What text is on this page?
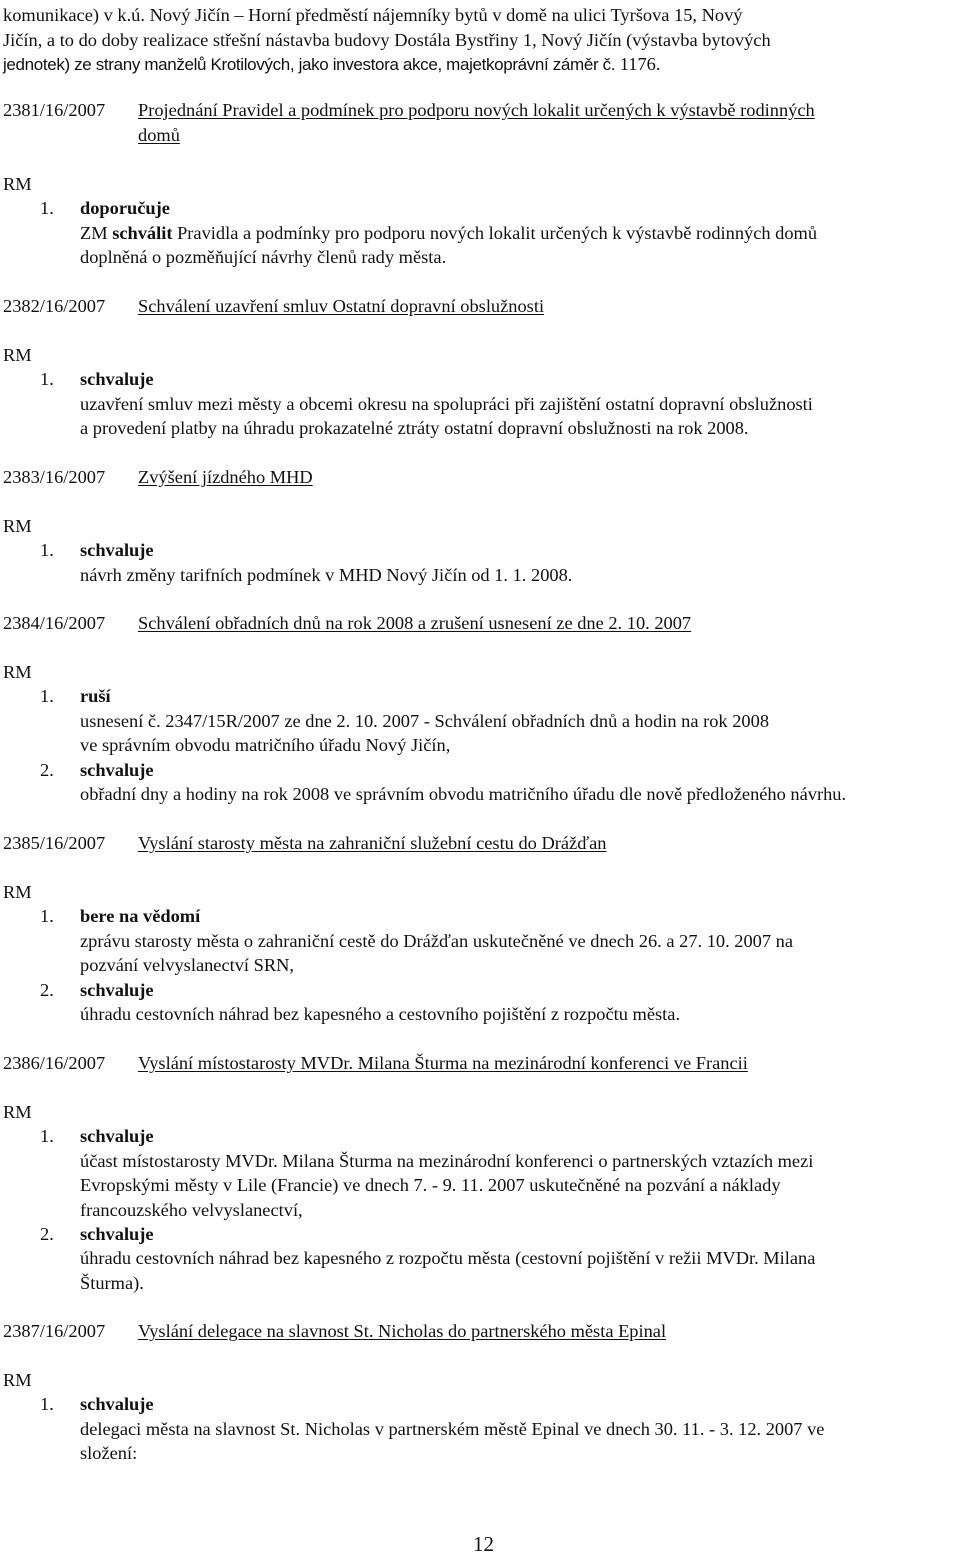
komunikace) v k.ú. Nový Jičín – Horní předměstí nájemníky bytů v domě na ulici Tyršova 15, Nový
Jičín, a to do doby realizace střešní nástavba budovy Dostála Bystřiny 1, Nový Jičín (výstavba bytových
jednotek) ze strany manželů Krotilových, jako investora akce, majetkoprávní záměr č. 1176.
2381/16/2007 Projednání Pravidel a podmínek pro podporu nových lokalit určených k výstavbě rodinných
domů
RM
1. doporučuje
ZM schválit Pravidla a podmínky pro podporu nových lokalit určených k výstavbě rodinných domů
doplněná o pozměňující návrhy členů rady města.
2382/16/2007 Schválení uzavření smluv Ostatní dopravní obslužnosti
RM
1. schvaluje
uzavření smluv mezi městy a obcemi okresu na spolupráci při zajištění ostatní dopravní obslužnosti
a provedení platby na úhradu prokazatelné ztráty ostatní dopravní obslužnosti na rok 2008.
2383/16/2007 Zvýšení jízdného MHD
RM
1. schvaluje
návrh změny tarifních podmínek v MHD Nový Jičín od 1. 1. 2008.
2384/16/2007 Schválení obřadních dnů na rok 2008 a zrušení usnesení ze dne 2. 10. 2007
RM
1. ruší
usnesení č. 2347/15R/2007 ze dne 2. 10. 2007 - Schválení obřadních dnů a hodin na rok 2008
ve správním obvodu matričního úřadu Nový Jičín,
2. schvaluje
obřadní dny a hodiny na rok 2008 ve správním obvodu matričního úřadu dle nově předloženého návrhu.
2385/16/2007 Vyslání starosty města na zahraniční služební cestu do Drážďan
RM
1. bere na vědomí
zprávu starosty města o zahraniční cestě do Drážďan uskutečněné ve dnech 26. a 27. 10. 2007 na
pozvání velvyslanectví SRN,
2. schvaluje
úhradu cestovních náhrad bez kapesného a cestovního pojištění z rozpočtu města.
2386/16/2007 Vyslání místostarosty MVDr. Milana Šturma na mezinárodní konferenci ve Francii
RM
1. schvaluje
účast místostarosty MVDr. Milana Šturma na mezinárodní konferenci o partnerských vztazích mezi
Evropskými městy v Lile (Francie) ve dnech 7. - 9. 11. 2007 uskutečněné na pozvání a náklady
francouzského velvyslanectví,
2. schvaluje
úhradu cestovních náhrad bez kapesného z rozpočtu města (cestovní pojištění v režii MVDr. Milana
Šturma).
2387/16/2007 Vyslání delegace na slavnost St. Nicholas do partnerského města Epinal
RM
1. schvaluje
delegaci města na slavnost St. Nicholas v partnerském městě Epinal ve dnech 30. 11. - 3. 12. 2007 ve
složení:
12
